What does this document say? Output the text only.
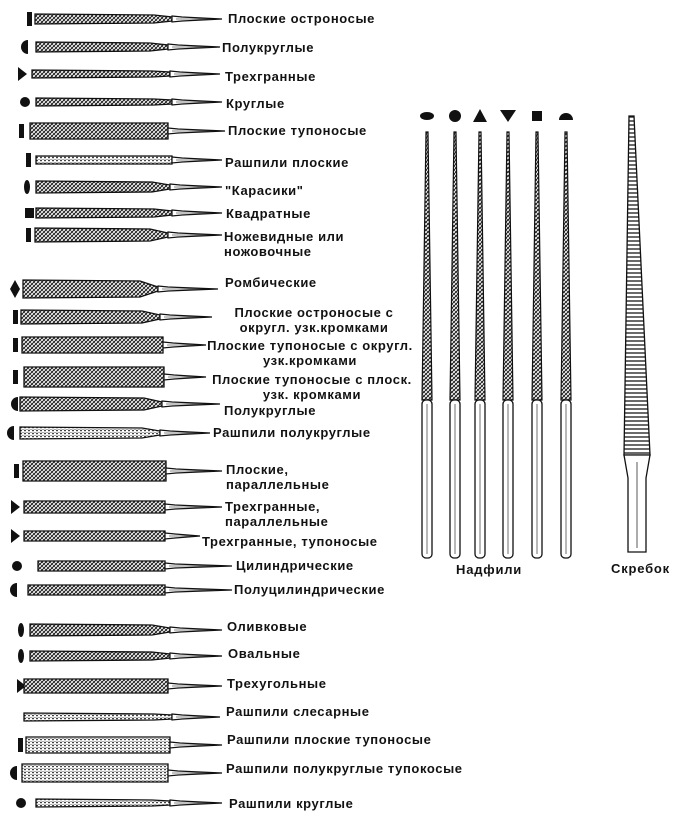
Плоские остроносые
Полукруглые
Трехгранные
Круглые
Плоские тупоносые
Рашпили плоские
"Карасики"
Квадратные
Ножевидные или ножовочные
Ромбические
Плоские остроносые с округл. узк.кромками
Плоские тупоносые с округл. узк.кромками
Плоские тупоносые с плоск. узк. кромками
Полукруглые
Рашпили полукруглые
Плоские, параллельные
Трехгранные, параллельные
Трехгранные, тупоносые
Цилиндрические
Полуцилиндрические
Оливковые
Овальные
Трехугольные
Рашпили слесарные
Рашпили плоские тупоносые
Рашпили полукруглые тупокосые
Рашпили круглые
Надфили	Скребок
